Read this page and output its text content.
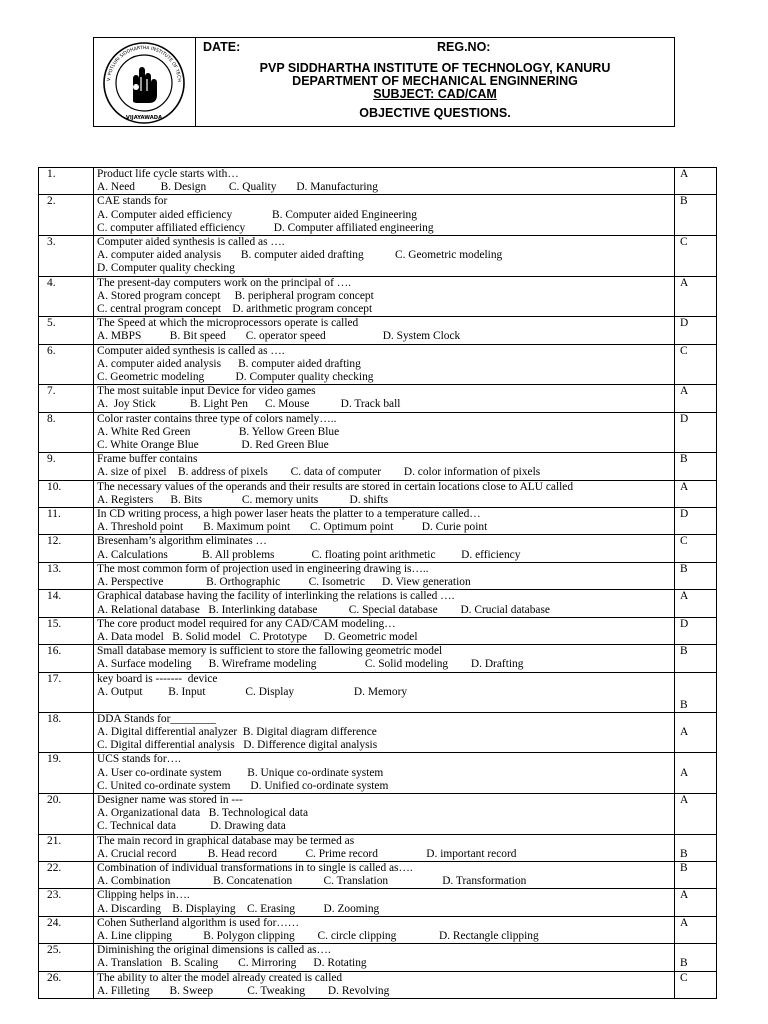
V. POTLURI SIDDHARTHA INSTITUTE OF TECH
VIJAYAWADA
DATE:	REG.NO:
PVP SIDDHARTHA INSTITUTE OF TECHNOLOGY, KANURU
DEPARTMENT OF MECHANICAL ENGINNERING
SUBJECT: CAD/CAM
OBJECTIVE QUESTIONS.
1.	Product life cycle starts with…
A. Need         B. Design        C. Quality       D. Manufacturing	A
2.	CAE stands for
A. Computer aided efficiency              B. Computer aided Engineering
C. computer affiliated efficiency          D. Computer affiliated engineering	B
3.	Computer aided synthesis is called as ….
A. computer aided analysis       B. computer aided drafting           C. Geometric modeling
D. Computer quality checking	C
4.	The present-day computers work on the principal of ….
A. Stored program concept     B. peripheral program concept
C. central program concept    D. arithmetic program concept	A
5.	The Speed at which the microprocessors operate is called
A. MBPS          B. Bit speed       C. operator speed                    D. System Clock	D
6.	Computer aided synthesis is called as ….
A. computer aided analysis      B. computer aided drafting
C. Geometric modeling           D. Computer quality checking	C
7.	The most suitable input Device for video games
A.  Joy Stick            B. Light Pen      C. Mouse           D. Track ball	A
8.	Color raster contains three type of colors namely…..
A. White Red Green                 B. Yellow Green Blue
C. White Orange Blue               D. Red Green Blue	D
9.	Frame buffer contains
A. size of pixel    B. address of pixels        C. data of computer        D. color information of pixels	B
10.	The necessary values of the operands and their results are stored in certain locations close to ALU called
A. Registers      B. Bits              C. memory units           D. shifts	A
11.	In CD writing process, a high power laser heats the platter to a temperature called…
A. Threshold point       B. Maximum point       C. Optimum point          D. Curie point	D
12.	Bresenham’s algorithm eliminates …
A. Calculations            B. All problems             C. floating point arithmetic         D. efficiency	C
13.	The most common form of projection used in engineering drawing is…..
A. Perspective               B. Orthographic          C. Isometric      D. View generation	B
14.	Graphical database having the facility of interlinking the relations is called ….
A. Relational database   B. Interlinking database           C. Special database        D. Crucial database	A
15.	The core product model required for any CAD/CAM modeling…
A. Data model   B. Solid model   C. Prototype      D. Geometric model	D
16.	Small database memory is sufficient to store the fallowing geometric model
A. Surface modeling      B. Wireframe modeling                 C. Solid modeling        D. Drafting	B
17.	key board is -------  device
A. Output         B. Input              C. Display                     D. Memory	B
18.	DDA Stands for________
A. Digital differential analyzer  B. Digital diagram difference
C. Digital differential analysis   D. Difference digital analysis	A
19.	UCS stands for….
A. User co-ordinate system         B. Unique co-ordinate system
C. United co-ordinate system       D. Unified co-ordinate system	A
20.	Designer name was stored in ---
A. Organizational data   B. Technological data
C. Technical data            D. Drawing data	A
21.	The main record in graphical database may be termed as
A. Crucial record           B. Head record          C. Prime record                 D. important record	B
22.	Combination of individual transformations in to single is called as….
A. Combination               B. Concatenation           C. Translation                   D. Transformation	B
23.	Clipping helps in….
A. Discarding    B. Displaying    C. Erasing          D. Zooming	A
24.	Cohen Sutherland algorithm is used for……
A. Line clipping           B. Polygon clipping        C. circle clipping               D. Rectangle clipping	A
25.	Diminishing the original dimensions is called as….
A. Translation   B. Scaling       C. Mirroring      D. Rotating	B
26.	The ability to alter the model already created is called
A. Filleting       B. Sweep            C. Tweaking        D. Revolving	C
